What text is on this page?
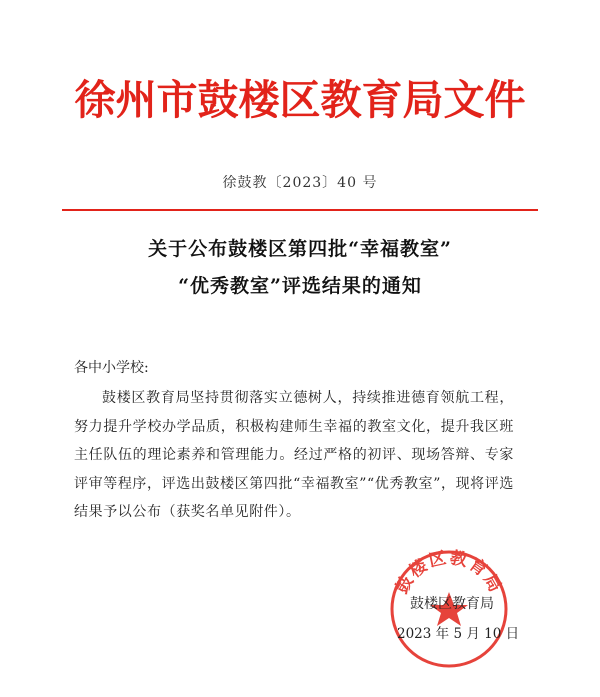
徐州市鼓楼区教育局文件
徐鼓教〔2023〕40 号
关于公布鼓楼区第四批“幸福教室”
“优秀教室”评选结果的通知
各中小学校:
鼓楼区教育局坚持贯彻落实立德树人，持续推进德育领航工程，努力提升学校办学品质，积极构建师生幸福的教室文化，提升我区班主任队伍的理论素养和管理能力。经过严格的初评、现场答辩、专家评审等程序，评选出鼓楼区第四批“幸福教室”“优秀教室”，现将评选结果予以公布（获奖名单见附件）。
鼓楼区教育局
鼓楼区教育局
2023 年 5 月 10 日
